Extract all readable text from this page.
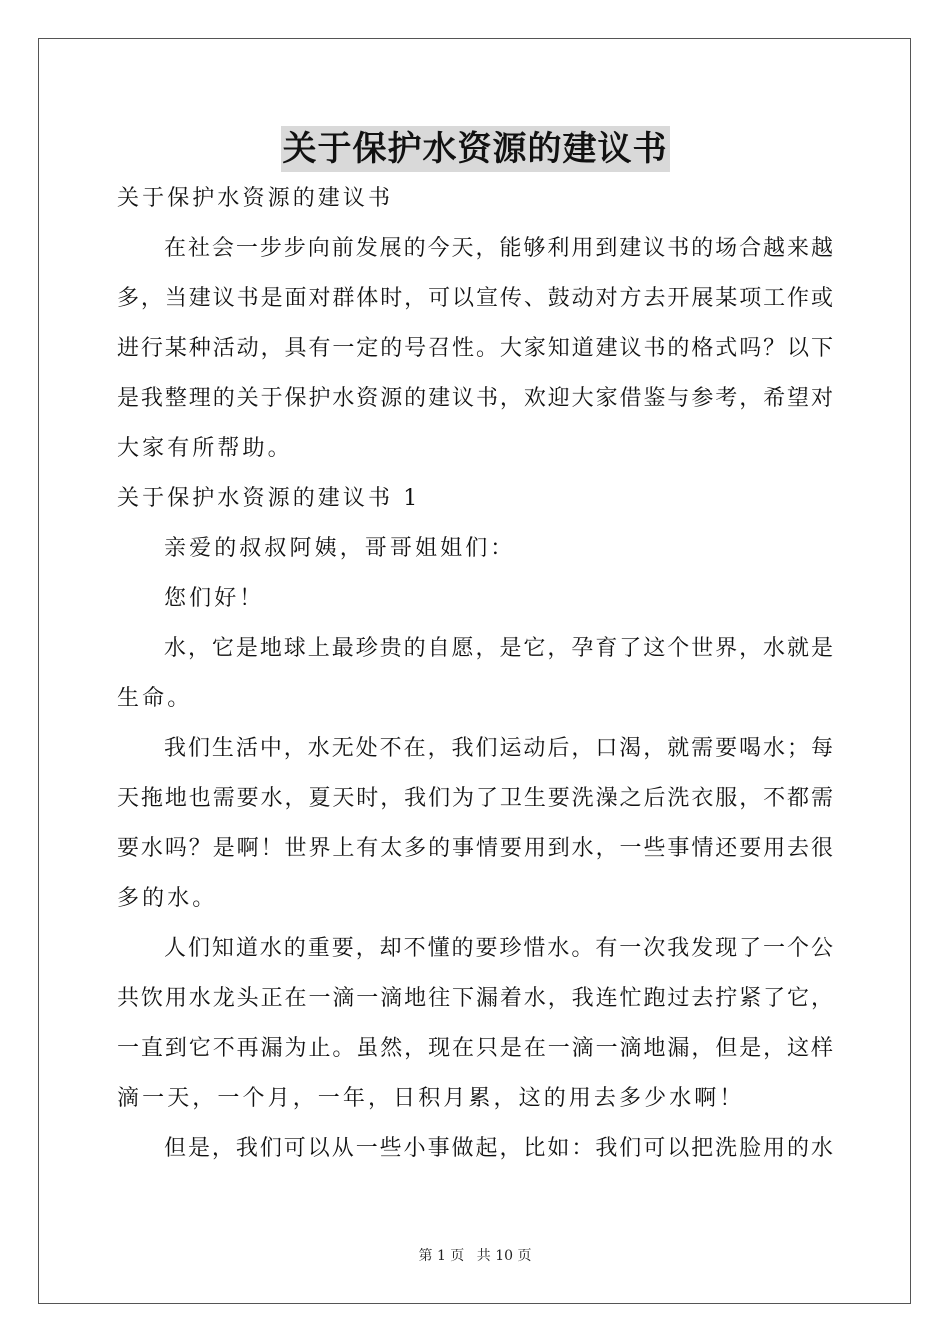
关于保护水资源的建议书
关于保护水资源的建议书
在社会一步步向前发展的今天，能够利用到建议书的场合越来越
多，当建议书是面对群体时，可以宣传、鼓动对方去开展某项工作或
进行某种活动，具有一定的号召性。大家知道建议书的格式吗？以下
是我整理的关于保护水资源的建议书，欢迎大家借鉴与参考，希望对
大家有所帮助。
关于保护水资源的建议书 1
亲爱的叔叔阿姨，哥哥姐姐们：
您们好！
水，它是地球上最珍贵的自愿，是它，孕育了这个世界，水就是
生命。
我们生活中，水无处不在，我们运动后，口渴，就需要喝水；每
天拖地也需要水，夏天时，我们为了卫生要洗澡之后洗衣服，不都需
要水吗？是啊！世界上有太多的事情要用到水，一些事情还要用去很
多的水。
人们知道水的重要，却不懂的要珍惜水。有一次我发现了一个公
共饮用水龙头正在一滴一滴地往下漏着水，我连忙跑过去拧紧了它，
一直到它不再漏为止。虽然，现在只是在一滴一滴地漏，但是，这样
滴一天，一个月，一年，日积月累，这的用去多少水啊！
但是，我们可以从一些小事做起，比如：我们可以把洗脸用的水
第 1 页 共 10 页
